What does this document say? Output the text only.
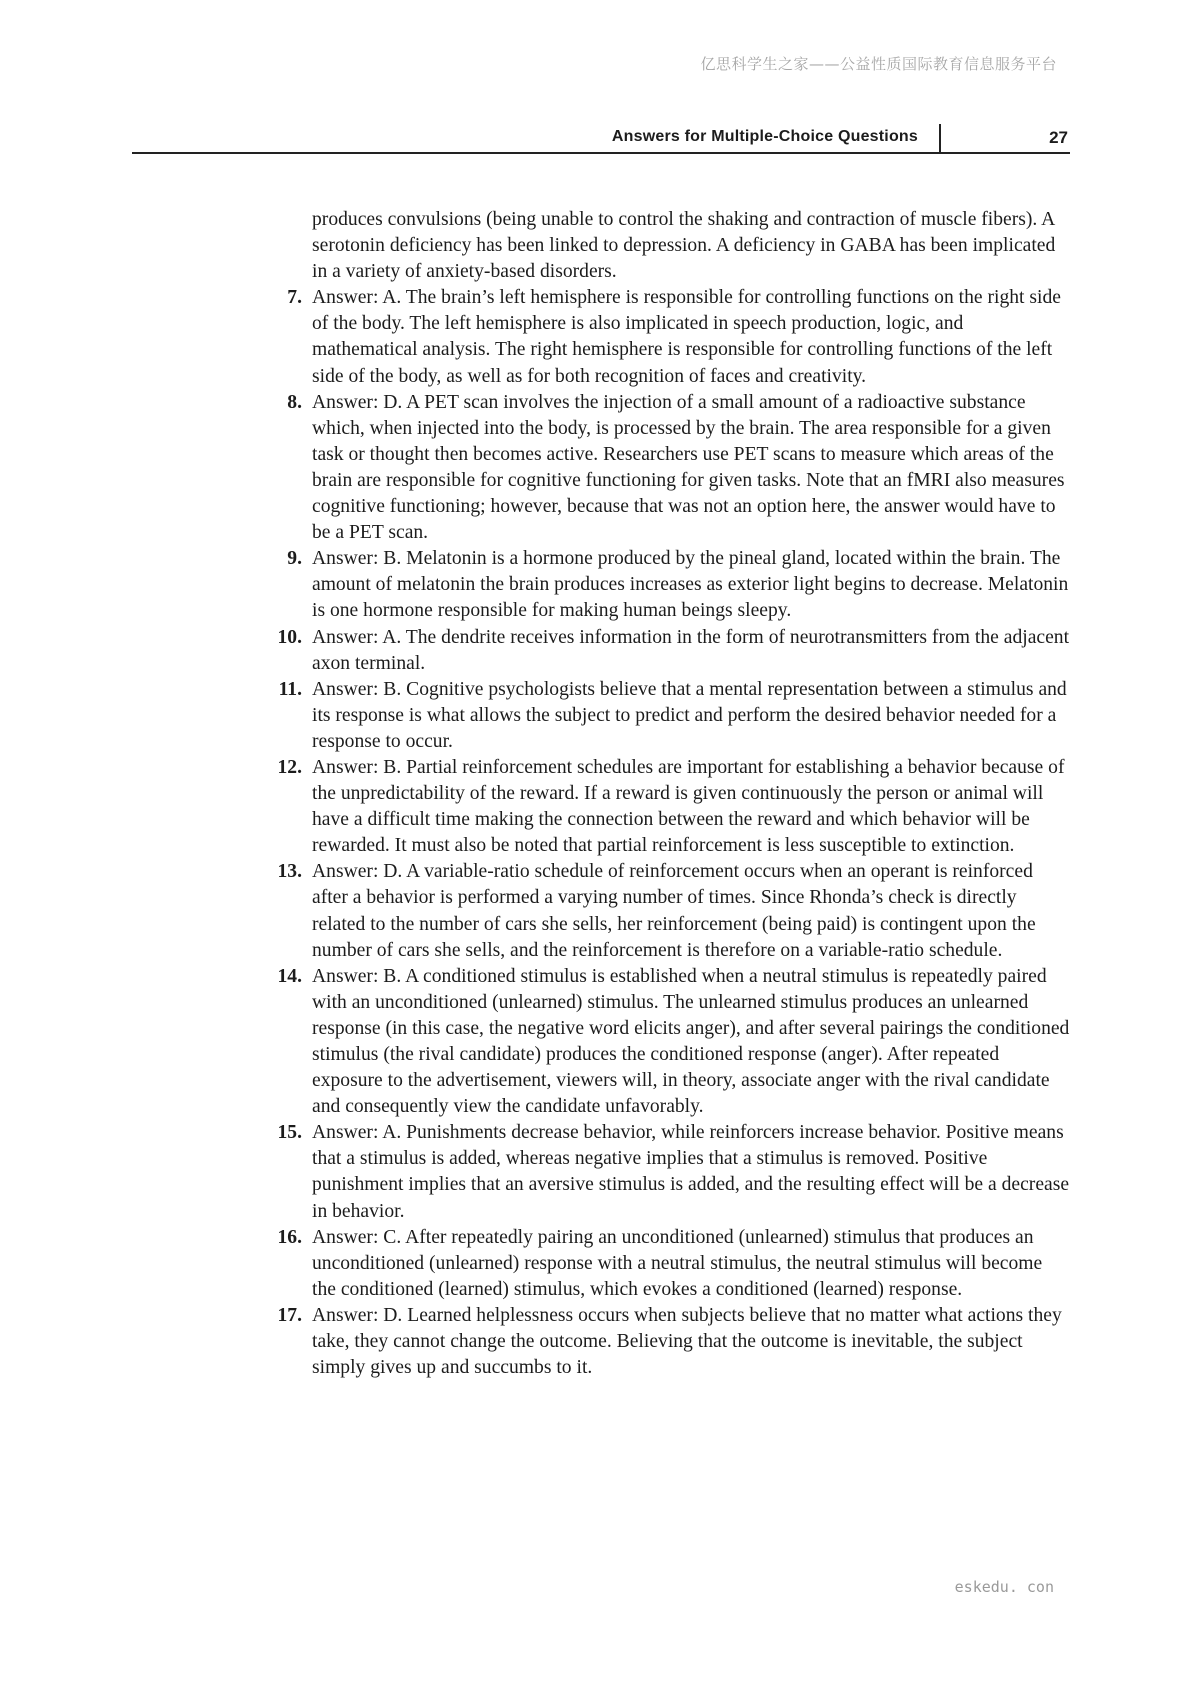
亿思科学生之家——公益性质国际教育信息服务平台
Answers for Multiple-Choice Questions	27

produces convulsions (being unable to control the shaking and contraction of muscle fibers). A serotonin deficiency has been linked to depression. A deficiency in GABA has been implicated in a variety of anxiety-based disorders.

7. Answer: A. The brain’s left hemisphere is responsible for controlling functions on the right side of the body. The left hemisphere is also implicated in speech production, logic, and mathematical analysis. The right hemisphere is responsible for controlling functions of the left side of the body, as well as for both recognition of faces and creativity.
8. Answer: D. A PET scan involves the injection of a small amount of a radioactive substance which, when injected into the body, is processed by the brain. The area responsible for a given task or thought then becomes active. Researchers use PET scans to measure which areas of the brain are responsible for cognitive functioning for given tasks. Note that an fMRI also measures cognitive functioning; however, because that was not an option here, the answer would have to be a PET scan.
9. Answer: B. Melatonin is a hormone produced by the pineal gland, located within the brain. The amount of melatonin the brain produces increases as exterior light begins to decrease. Melatonin is one hormone responsible for making human beings sleepy.
10. Answer: A. The dendrite receives information in the form of neurotransmitters from the adjacent axon terminal.
11. Answer: B. Cognitive psychologists believe that a mental representation between a stimulus and its response is what allows the subject to predict and perform the desired behavior needed for a response to occur.
12. Answer: B. Partial reinforcement schedules are important for establishing a behavior because of the unpredictability of the reward. If a reward is given continuously the person or animal will have a difficult time making the connection between the reward and which behavior will be rewarded. It must also be noted that partial reinforcement is less susceptible to extinction.
13. Answer: D. A variable-ratio schedule of reinforcement occurs when an operant is reinforced after a behavior is performed a varying number of times. Since Rhonda’s check is directly related to the number of cars she sells, her reinforcement (being paid) is contingent upon the number of cars she sells, and the reinforcement is therefore on a variable-ratio schedule.
14. Answer: B. A conditioned stimulus is established when a neutral stimulus is repeatedly paired with an unconditioned (unlearned) stimulus. The unlearned stimulus produces an unlearned response (in this case, the negative word elicits anger), and after several pairings the conditioned stimulus (the rival candidate) produces the conditioned response (anger). After repeated exposure to the advertisement, viewers will, in theory, associate anger with the rival candidate and consequently view the candidate unfavorably.
15. Answer: A. Punishments decrease behavior, while reinforcers increase behavior. Positive means that a stimulus is added, whereas negative implies that a stimulus is removed. Positive punishment implies that an aversive stimulus is added, and the resulting effect will be a decrease in behavior.
16. Answer: C. After repeatedly pairing an unconditioned (unlearned) stimulus that produces an unconditioned (unlearned) response with a neutral stimulus, the neutral stimulus will become the conditioned (learned) stimulus, which evokes a conditioned (learned) response.
17. Answer: D. Learned helplessness occurs when subjects believe that no matter what actions they take, they cannot change the outcome. Believing that the outcome is inevitable, the subject simply gives up and succumbs to it.
eskedu. con
